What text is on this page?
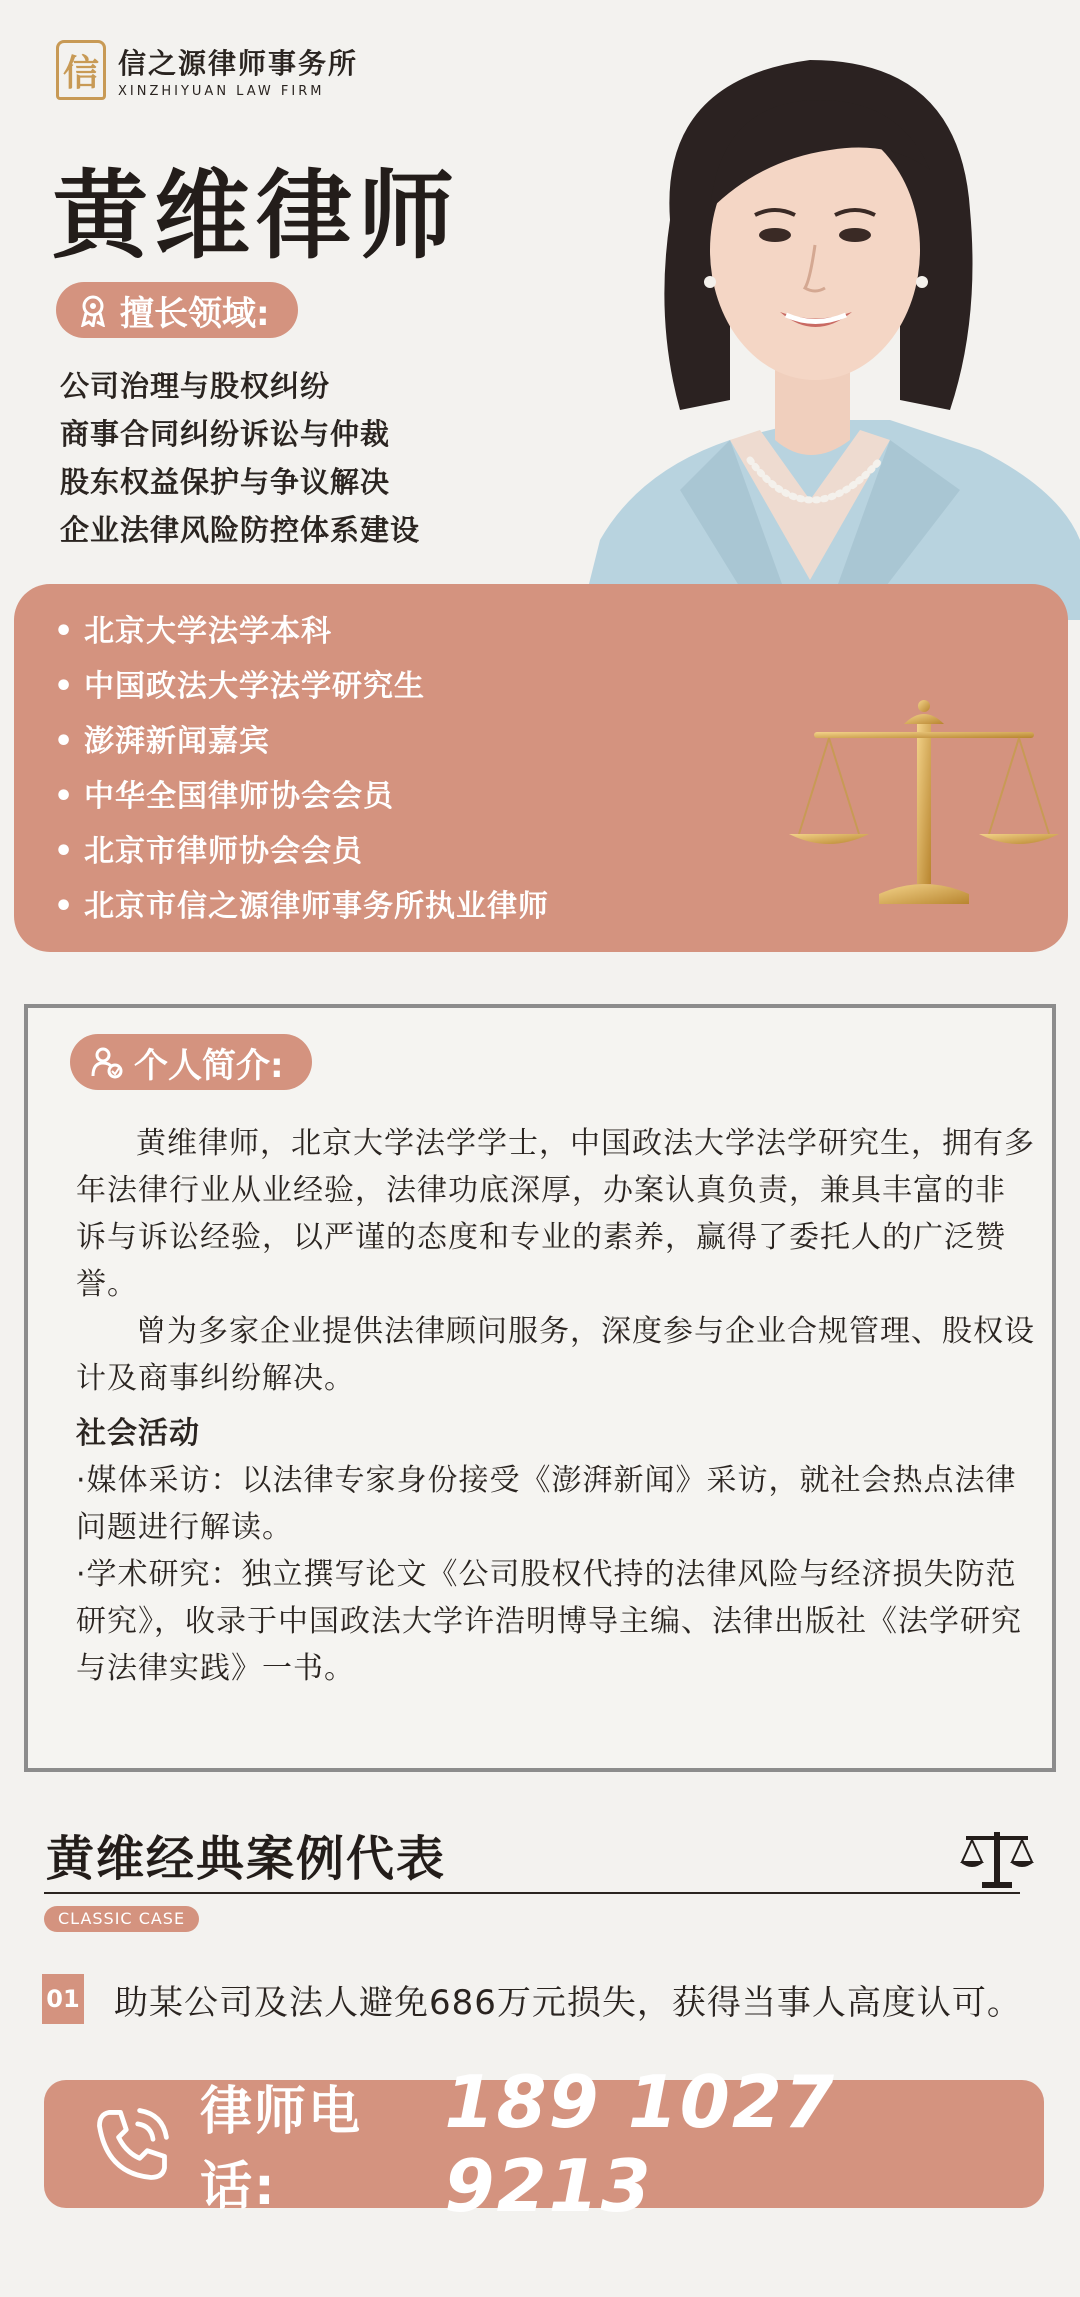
信 信之源律师事务所
XINZHIYUAN LAW FIRM
黄维律师
擅长领域:
公司治理与股权纠纷
商事合同纠纷诉讼与仲裁
股东权益保护与争议解决
企业法律风险防控体系建设
• 北京大学法学本科
• 中国政法大学法学研究生
• 澎湃新闻嘉宾
• 中华全国律师协会会员
• 北京市律师协会会员
• 北京市信之源律师事务所执业律师

黄维律师，北京大学法学学士，中国政法大学法学研究生，拥有多年法律行业从业经验，法律功底深厚，办案认真负责，兼具丰富的非诉与诉讼经验，以严谨的态度和专业的素养，赢得了委托人的广泛赞誉。

曾为多家企业提供法律顾问服务，深度参与企业合规管理、股权设计及商事纠纷解决。

社会活动

·媒体采访：以法律专家身份接受《澎湃新闻》采访，就社会热点法律问题进行解读。

·学术研究：独立撰写论文《公司股权代持的法律风险与经济损失防范研究》，收录于中国政法大学许浩明博导主编、法律出版社《法学研究与法律实践》一书。

个人简介:
黄维经典案例代表
CLASSIC CASE
01 助某公司及法人避免686万元损失，获得当事人高度认可。
律师电话:
189 1027 9213
